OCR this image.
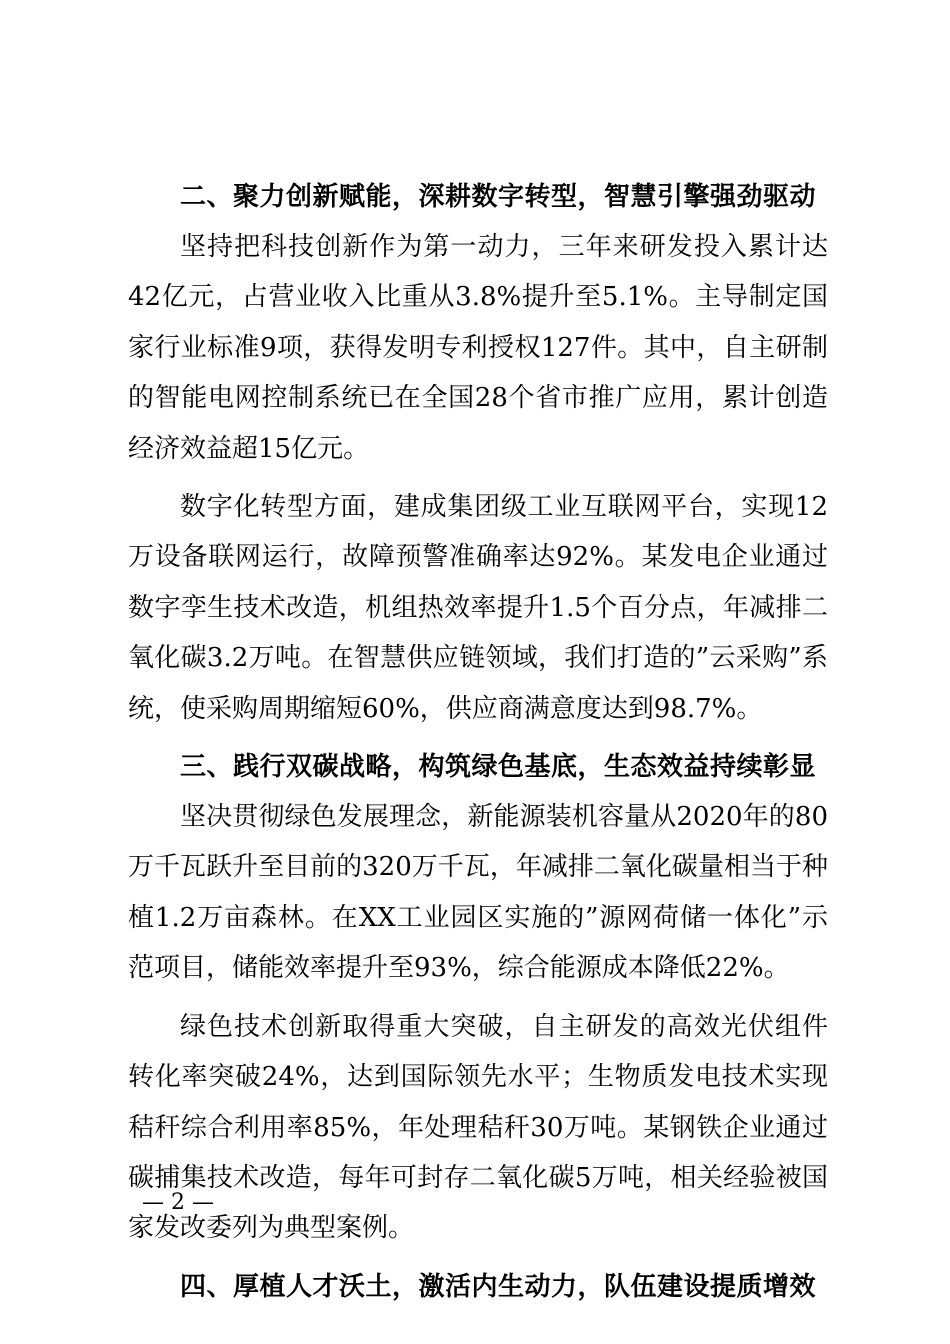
二、聚力创新赋能，深耕数字转型，智慧引擎强劲驱动

坚持把科技创新作为第一动力，三年来研发投入累计达42亿元，占营业收入比重从3.8%提升至5.1%。主导制定国家行业标准9项，获得发明专利授权127件。其中，自主研制的智能电网控制系统已在全国28个省市推广应用，累计创造经济效益超15亿元。

数字化转型方面，建成集团级工业互联网平台，实现12万设备联网运行，故障预警准确率达92%。某发电企业通过数字孪生技术改造，机组热效率提升1.5个百分点，年减排二氧化碳3.2万吨。在智慧供应链领域，我们打造的”云采购”系统，使采购周期缩短60%，供应商满意度达到98.7%。

三、践行双碳战略，构筑绿色基底，生态效益持续彰显

坚决贯彻绿色发展理念，新能源装机容量从2020年的80万千瓦跃升至目前的320万千瓦，年减排二氧化碳量相当于种植1.2万亩森林。在XX工业园区实施的”源网荷储一体化”示范项目，储能效率提升至93%，综合能源成本降低22%。

绿色技术创新取得重大突破，自主研发的高效光伏组件转化率突破24%，达到国际领先水平；生物质发电技术实现秸秆综合利用率85%，年处理秸秆30万吨。某钢铁企业通过碳捕集技术改造，每年可封存二氧化碳5万吨，相关经验被国家发改委列为典型案例。

四、厚植人才沃土，激活内生动力，队伍建设提质增效
— 2 —
